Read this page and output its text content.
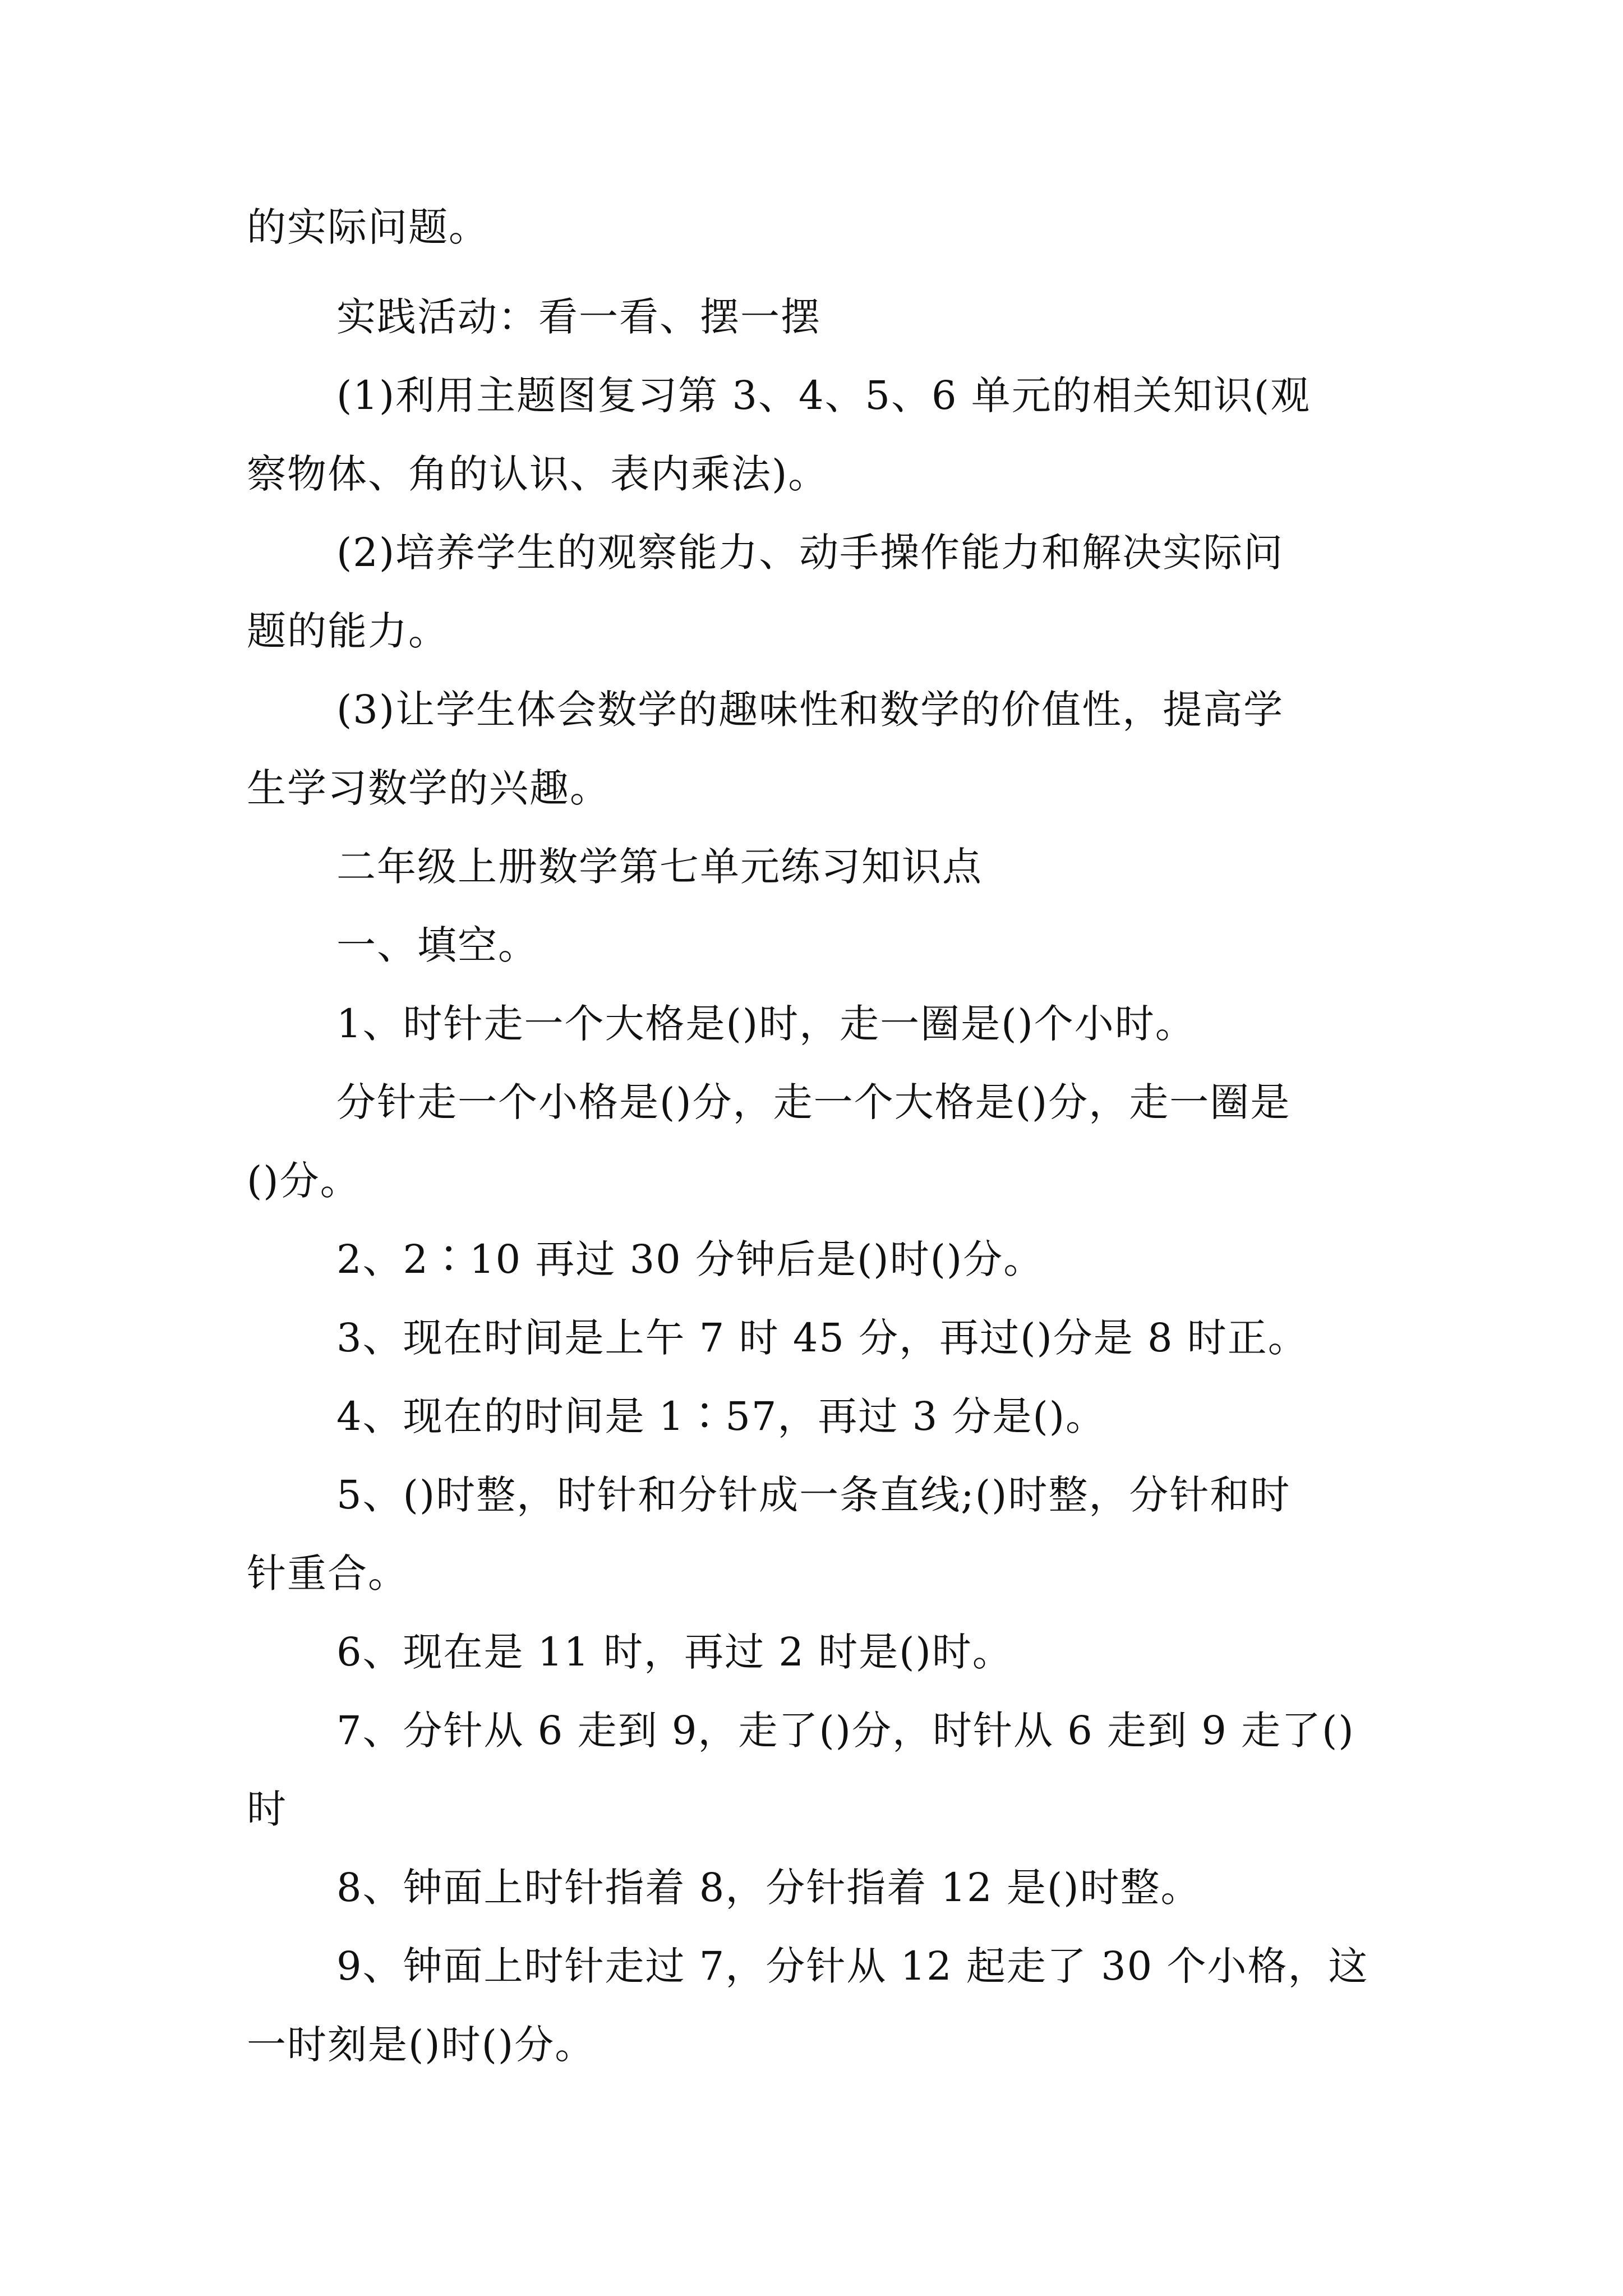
的实际问题。
实践活动：看一看、摆一摆
(1)利用主题图复习第 3、4、5、6 单元的相关知识(观
察物体、角的认识、表内乘法)。
(2)培养学生的观察能力、动手操作能力和解决实际问
题的能力。
(3)让学生体会数学的趣味性和数学的价值性，提高学
生学习数学的兴趣。
二年级上册数学第七单元练习知识点
一、填空。
1、时针走一个大格是()时，走一圈是()个小时。
分针走一个小格是()分，走一个大格是()分，走一圈是
()分。
2、2∶10 再过 30 分钟后是()时()分。
3、现在时间是上午 7 时 45 分，再过()分是 8 时正。
4、现在的时间是 1∶57，再过 3 分是()。
5、()时整，时针和分针成一条直线;()时整，分针和时
针重合。
6、现在是 11 时，再过 2 时是()时。
7、分针从 6 走到 9，走了()分，时针从 6 走到 9 走了()
时
8、钟面上时针指着 8，分针指着 12 是()时整。
9、钟面上时针走过 7，分针从 12 起走了 30 个小格，这
一时刻是()时()分。
